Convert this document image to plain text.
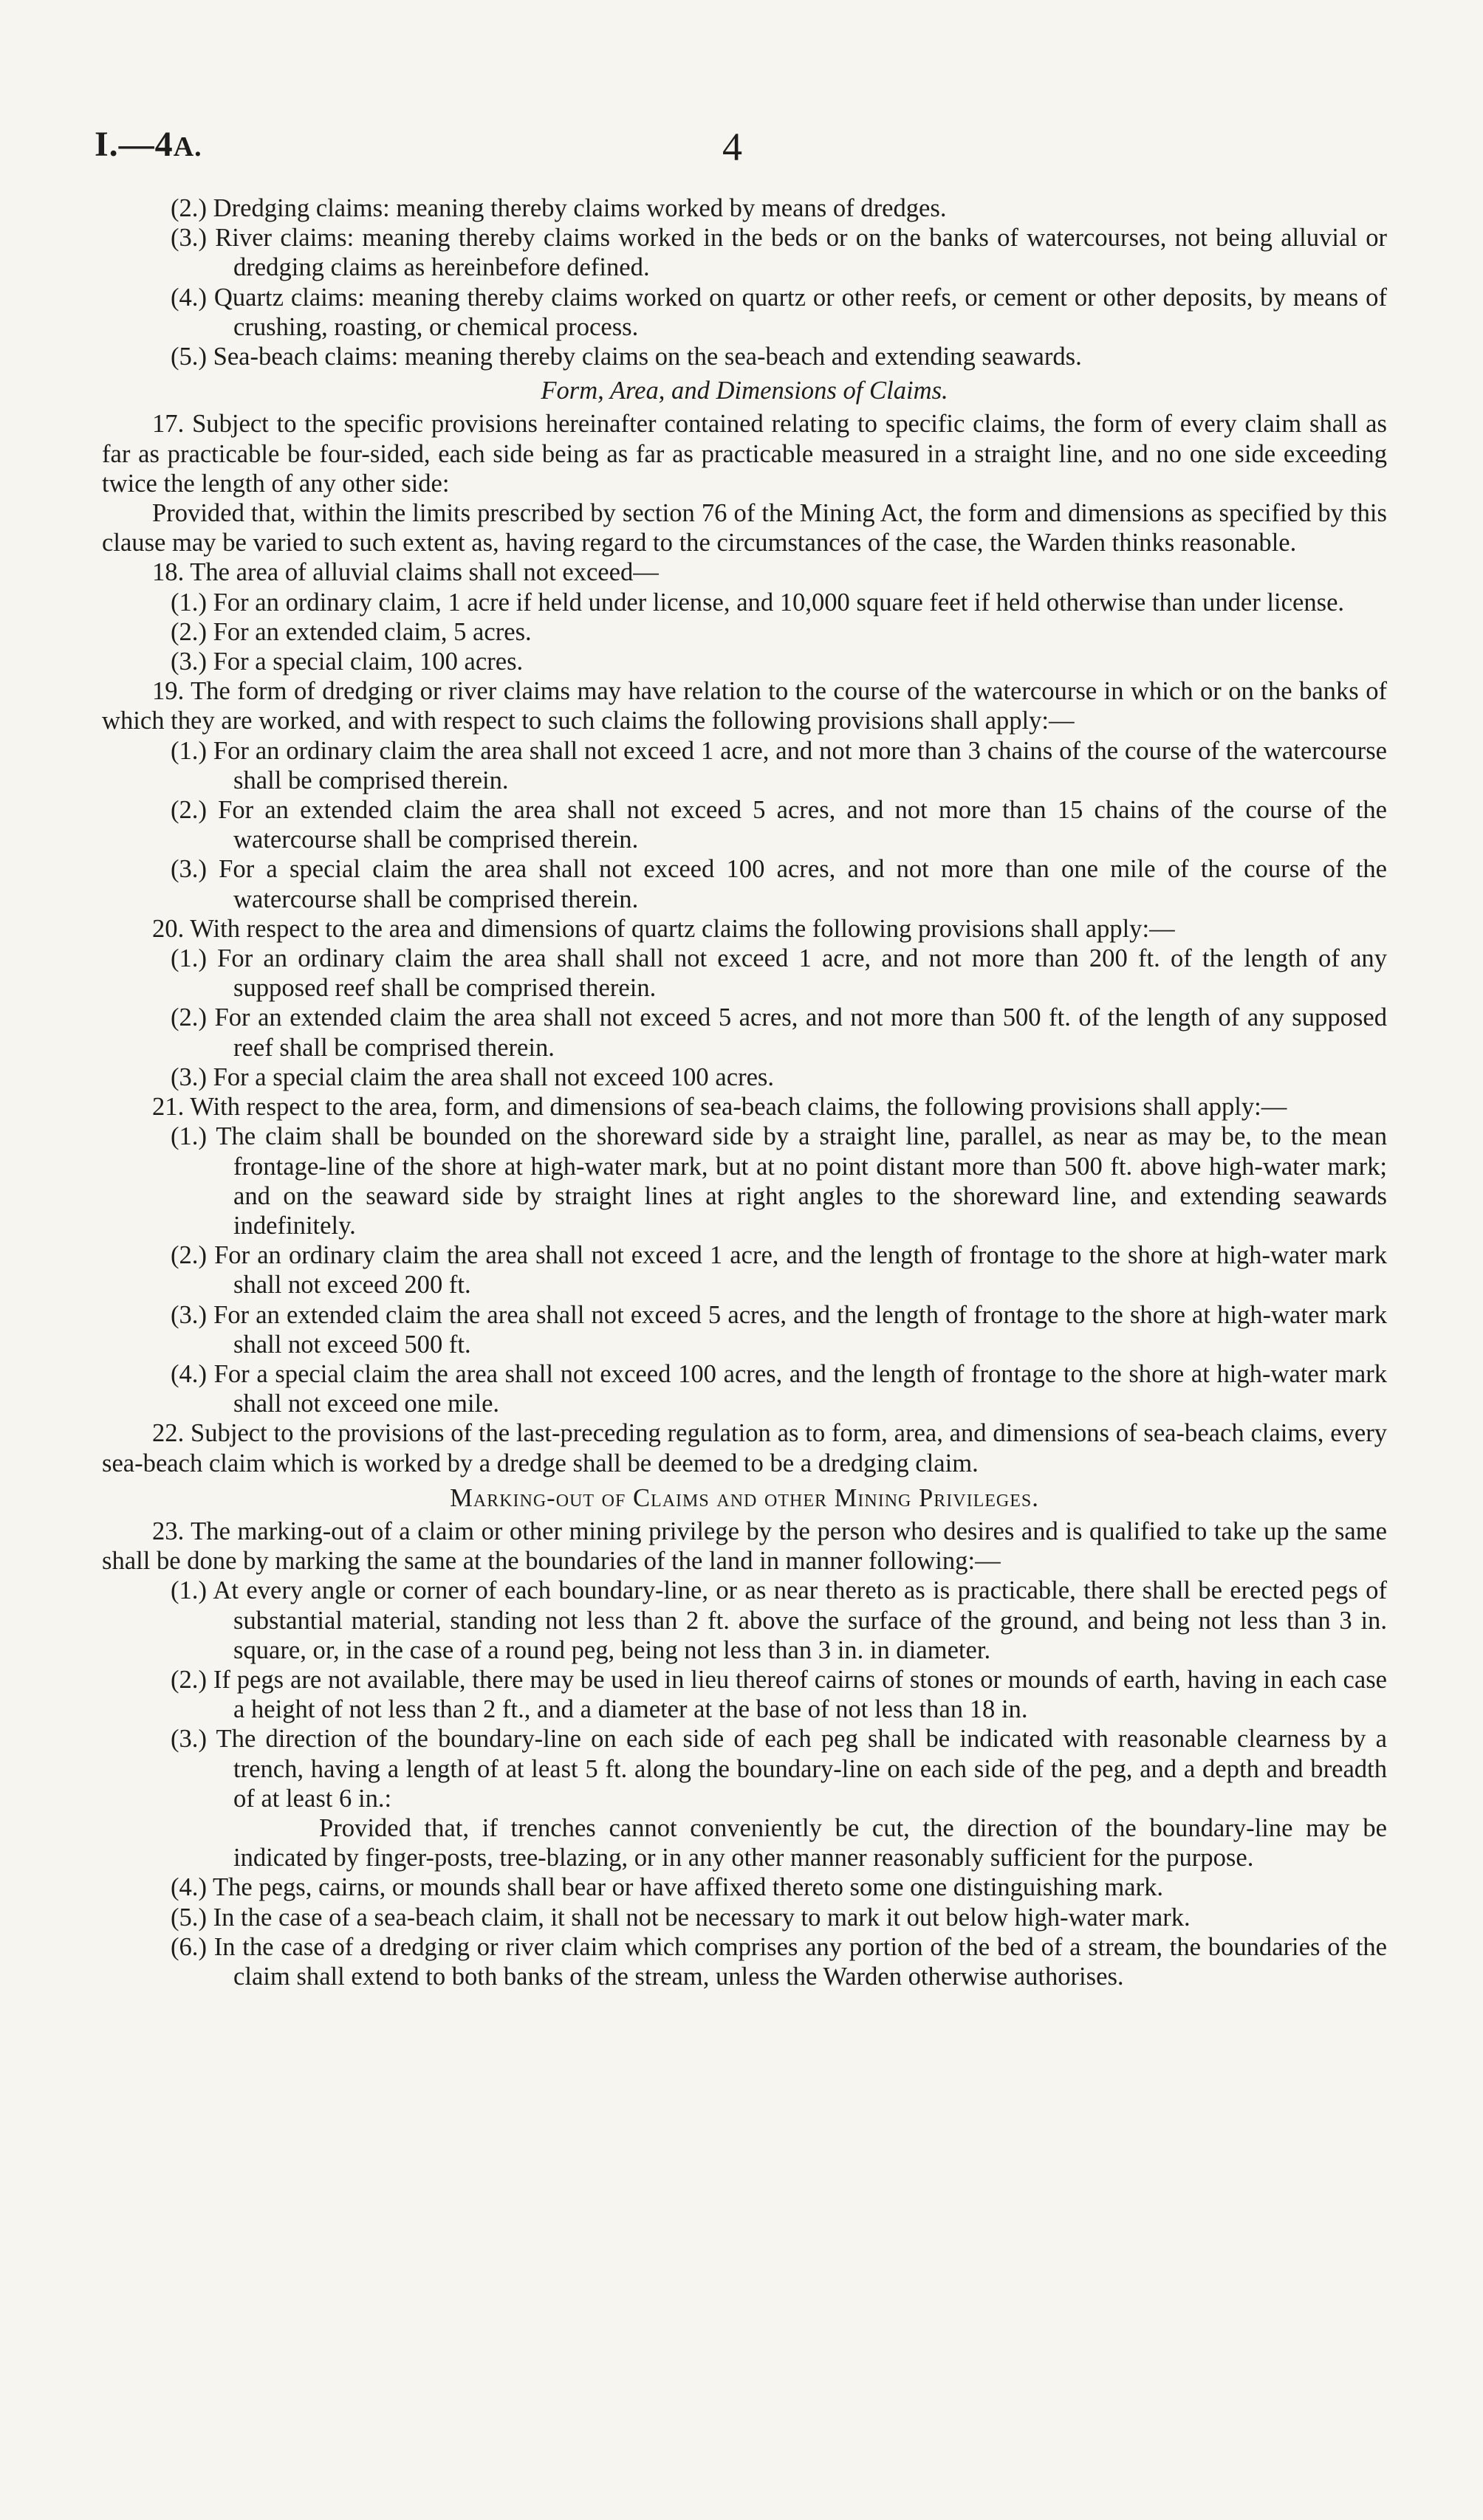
I.—4A.	4

(2.) Dredging claims: meaning thereby claims worked by means of dredges.

(3.) River claims: meaning thereby claims worked in the beds or on the banks of watercourses, not being alluvial or dredging claims as hereinbefore defined.

(4.) Quartz claims: meaning thereby claims worked on quartz or other reefs, or cement or other deposits, by means of crushing, roasting, or chemical process.

(5.) Sea-beach claims: meaning thereby claims on the sea-beach and extending seawards.

Form, Area, and Dimensions of Claims.

17. Subject to the specific provisions hereinafter contained relating to specific claims, the form of every claim shall as far as practicable be four-sided, each side being as far as practicable measured in a straight line, and no one side exceeding twice the length of any other side:

Provided that, within the limits prescribed by section 76 of the Mining Act, the form and dimensions as specified by this clause may be varied to such extent as, having regard to the circumstances of the case, the Warden thinks reasonable.

18. The area of alluvial claims shall not exceed—

(1.) For an ordinary claim, 1 acre if held under license, and 10,000 square feet if held otherwise than under license.

(2.) For an extended claim, 5 acres.

(3.) For a special claim, 100 acres.

19. The form of dredging or river claims may have relation to the course of the watercourse in which or on the banks of which they are worked, and with respect to such claims the following provisions shall apply:—

(1.) For an ordinary claim the area shall not exceed 1 acre, and not more than 3 chains of the course of the watercourse shall be comprised therein.

(2.) For an extended claim the area shall not exceed 5 acres, and not more than 15 chains of the course of the watercourse shall be comprised therein.

(3.) For a special claim the area shall not exceed 100 acres, and not more than one mile of the course of the watercourse shall be comprised therein.

20. With respect to the area and dimensions of quartz claims the following provisions shall apply:—

(1.) For an ordinary claim the area shall shall not exceed 1 acre, and not more than 200 ft. of the length of any supposed reef shall be comprised therein.

(2.) For an extended claim the area shall not exceed 5 acres, and not more than 500 ft. of the length of any supposed reef shall be comprised therein.

(3.) For a special claim the area shall not exceed 100 acres.

21. With respect to the area, form, and dimensions of sea-beach claims, the following provisions shall apply:—

(1.) The claim shall be bounded on the shoreward side by a straight line, parallel, as near as may be, to the mean frontage-line of the shore at high-water mark, but at no point distant more than 500 ft. above high-water mark; and on the seaward side by straight lines at right angles to the shoreward line, and extending seawards indefinitely.

(2.) For an ordinary claim the area shall not exceed 1 acre, and the length of frontage to the shore at high-water mark shall not exceed 200 ft.

(3.) For an extended claim the area shall not exceed 5 acres, and the length of frontage to the shore at high-water mark shall not exceed 500 ft.

(4.) For a special claim the area shall not exceed 100 acres, and the length of frontage to the shore at high-water mark shall not exceed one mile.

22. Subject to the provisions of the last-preceding regulation as to form, area, and dimensions of sea-beach claims, every sea-beach claim which is worked by a dredge shall be deemed to be a dredging claim.

Marking-out of Claims and other Mining Privileges.

23. The marking-out of a claim or other mining privilege by the person who desires and is qualified to take up the same shall be done by marking the same at the boundaries of the land in manner following:—

(1.) At every angle or corner of each boundary-line, or as near thereto as is practicable, there shall be erected pegs of substantial material, standing not less than 2 ft. above the surface of the ground, and being not less than 3 in. square, or, in the case of a round peg, being not less than 3 in. in diameter.

(2.) If pegs are not available, there may be used in lieu thereof cairns of stones or mounds of earth, having in each case a height of not less than 2 ft., and a diameter at the base of not less than 18 in.

(3.) The direction of the boundary-line on each side of each peg shall be indicated with reasonable clearness by a trench, having a length of at least 5 ft. along the boundary-line on each side of the peg, and a depth and breadth of at least 6 in.:

Provided that, if trenches cannot conveniently be cut, the direction of the boundary-line may be indicated by finger-posts, tree-blazing, or in any other manner reasonably sufficient for the purpose.

(4.) The pegs, cairns, or mounds shall bear or have affixed thereto some one distinguishing mark.

(5.) In the case of a sea-beach claim, it shall not be necessary to mark it out below high-water mark.

(6.) In the case of a dredging or river claim which comprises any portion of the bed of a stream, the boundaries of the claim shall extend to both banks of the stream, unless the Warden otherwise authorises.
